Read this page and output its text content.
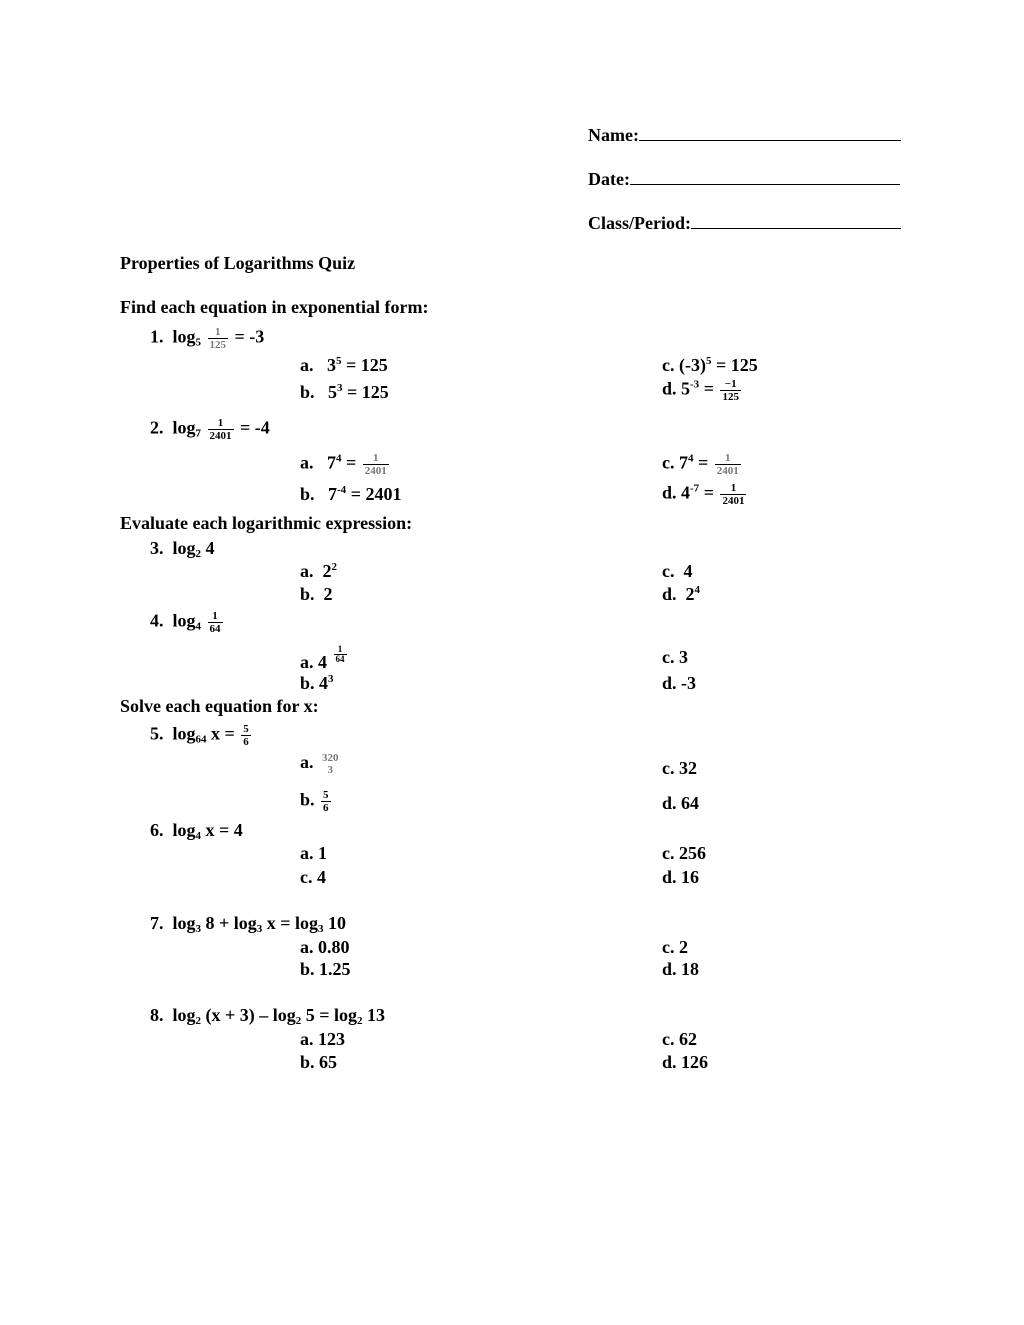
Name:
Date:
Class/Period:
Properties of Logarithms Quiz
Find each equation in exponential form:
1. $\log_5 \frac{1}{125} = -3$
a. $3^5 = 125$
b. $5^3 = 125$
c. $(-3)^5 = 125$
d. $5^{-3} = \frac{-1}{125}$
2. $\log_7 \frac{1}{2401} = -4$
a. $7^4 = \frac{1}{2401}$
b. $7^{-4} = 2401$
c. $7^4 = \frac{1}{2401}$
d. $4^{-7} = \frac{1}{2401}$
Evaluate each logarithmic expression:
3. $\log_2 4$
a. $2^2$
b. 2
c. 4
d. $2^4$
4. $\log_4 \frac{1}{64}$
a. $4 \frac{1}{64}$
b. $4^3$
c. 3
d. -3
Solve each equation for x:
5. $\log_{64} x = \frac{5}{6}$
a. 320
3
b. $\frac{5}{6}$
c. 32
d. 64
6. $\log_4 x = 4$
a. 1
c. 4
c. 256
d. 16
7. $\log_3 8 + \log_3 x = \log_3 10$
a. 0.80
b. 1.25
c. 2
d. 18
8. $\log_2 (x + 3) - \log_2 5 = \log_2 13$
a. 123
b. 65
c. 62
d. 126
